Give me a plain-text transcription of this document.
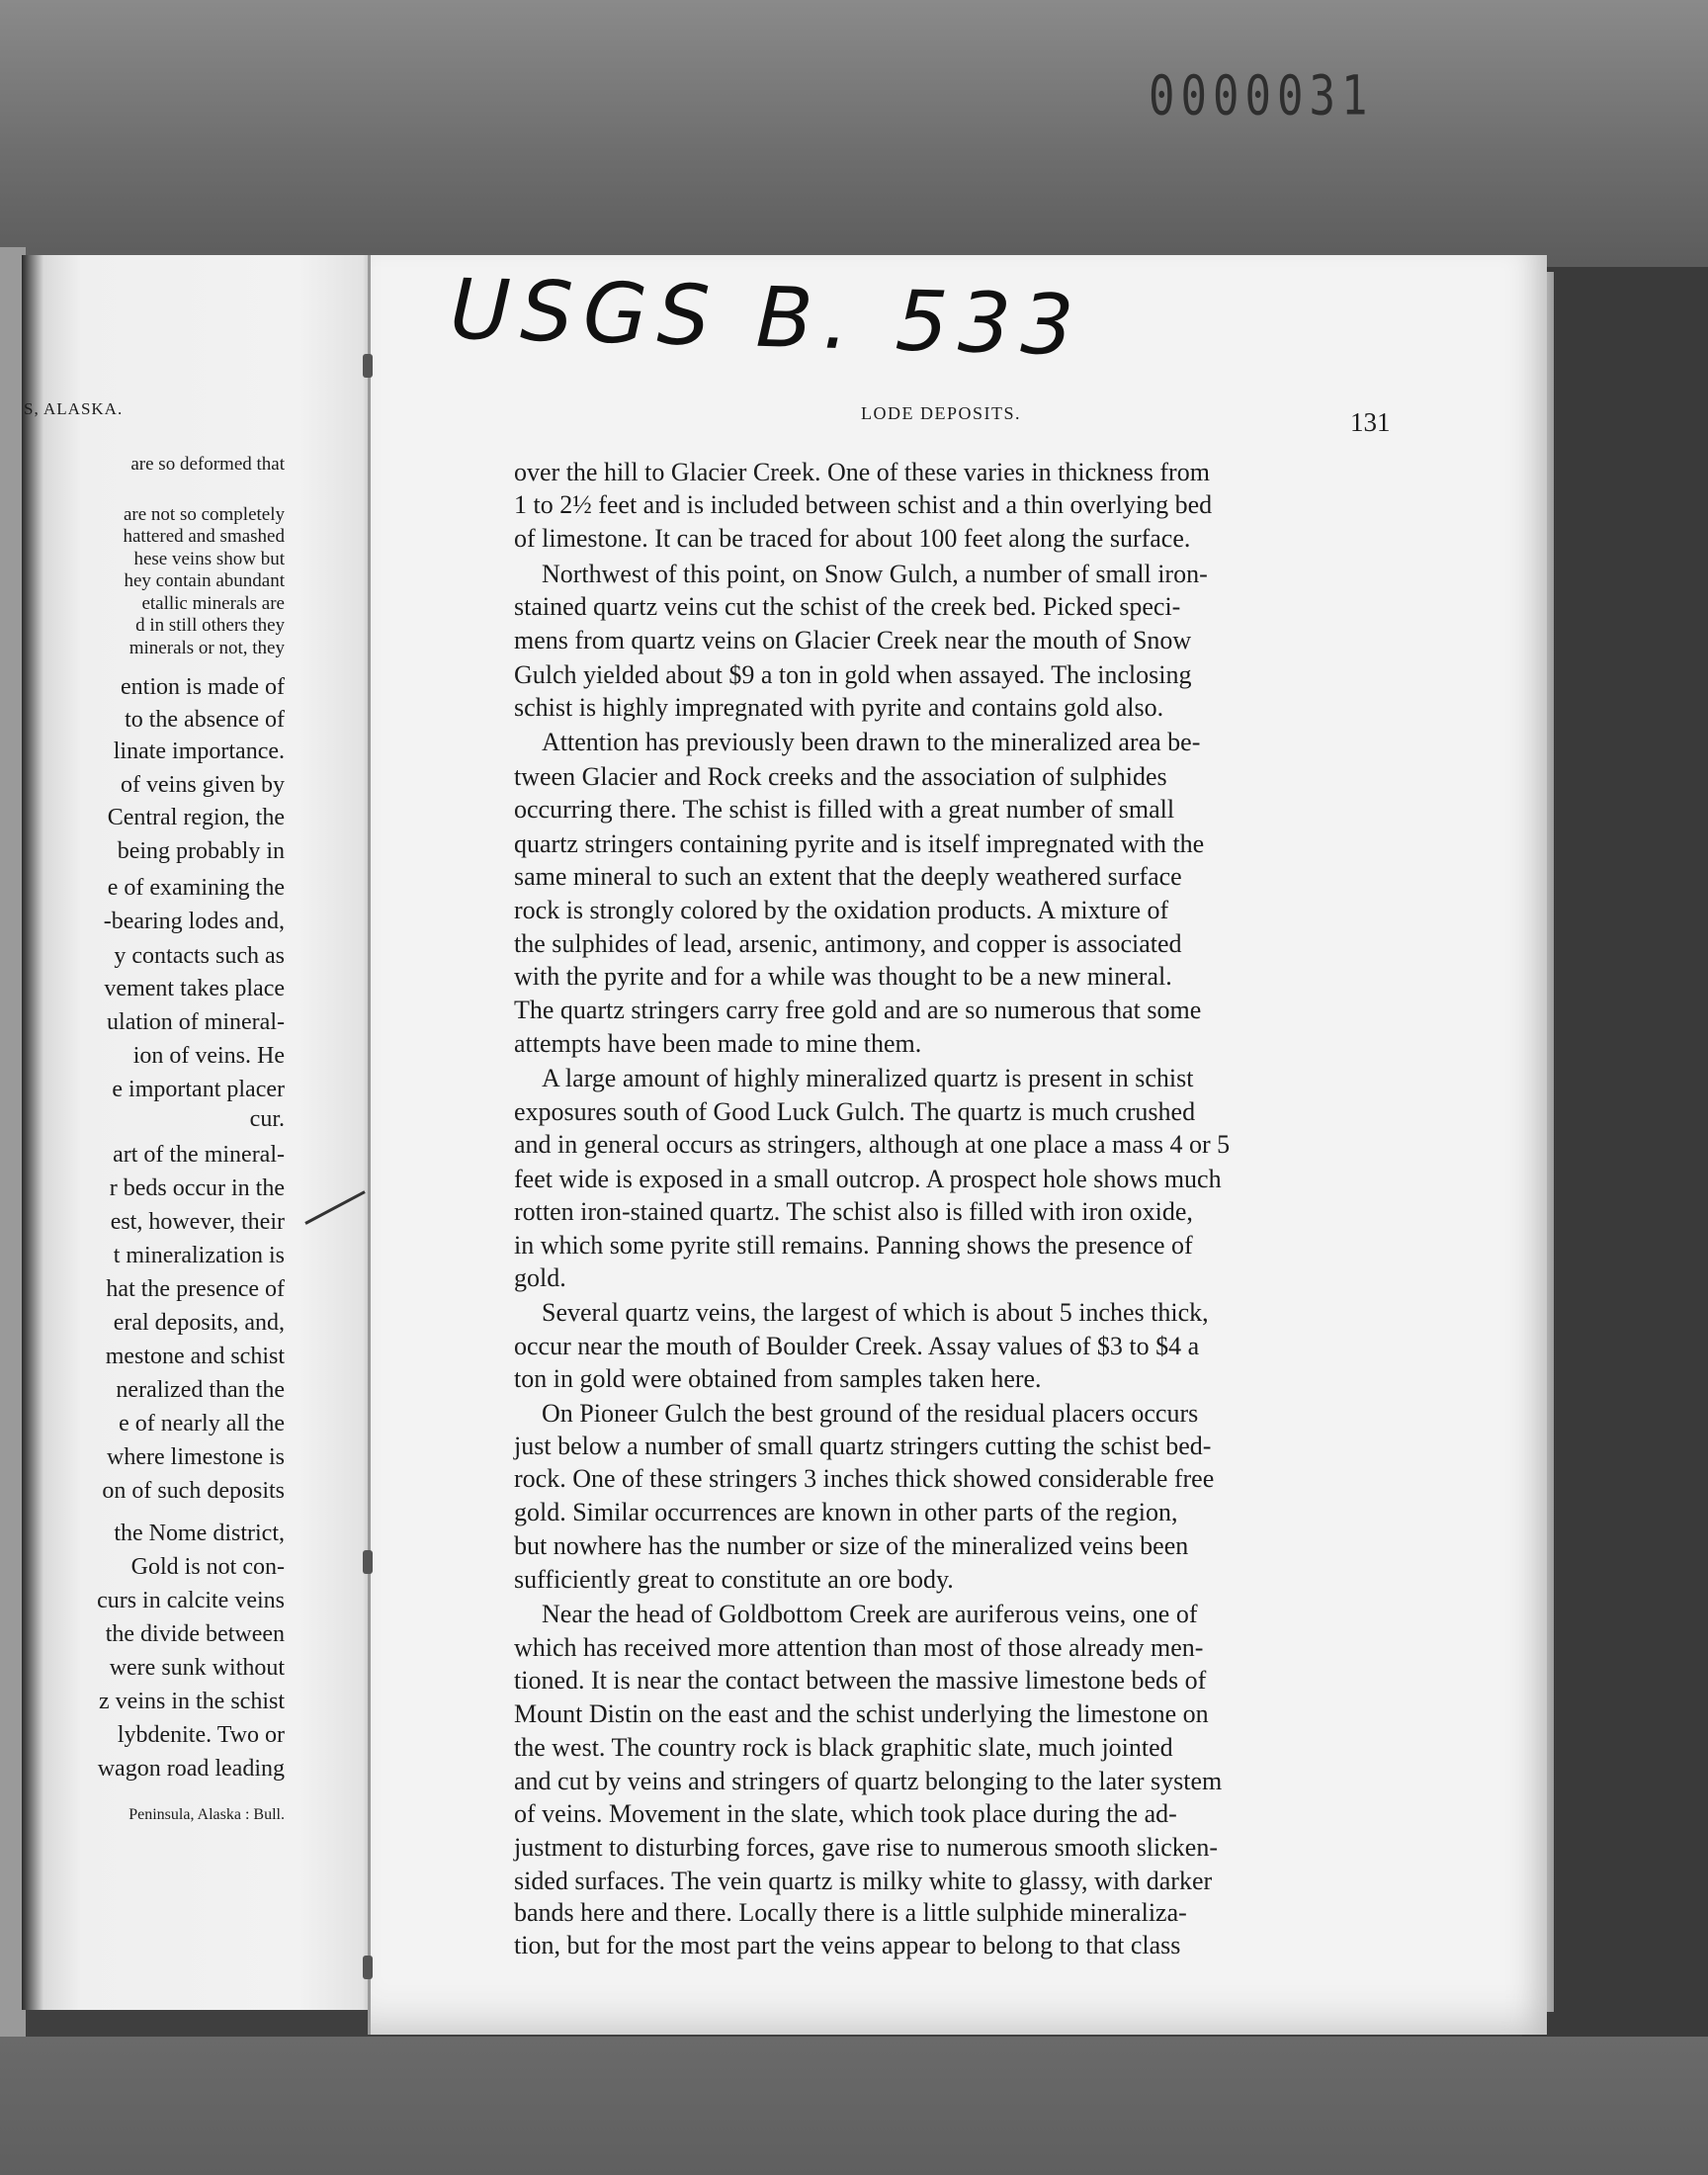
0000031
S, ALASKA.
are so deformed that
are not so completely
hattered and smashed
hese veins show but
hey contain abundant
etallic minerals are
d in still others they
minerals or not, they
ention is made of
to the absence of
linate importance.
of veins given by
Central region, the
being probably in
e of examining the
-bearing lodes and,
y contacts such as
vement takes place
ulation of mineral-
ion of veins. He
e important placer
cur.
art of the mineral-
r beds occur in the
est, however, their
t mineralization is
hat the presence of
eral deposits, and,
mestone and schist
neralized than the
e of nearly all the
where limestone is
on of such deposits
the Nome district,
Gold is not con-
curs in calcite veins
the divide between
were sunk without
z veins in the schist
lybdenite. Two or
wagon road leading
Peninsula, Alaska : Bull.
USGS B. 533
LODE DEPOSITS.	131
over the hill to Glacier Creek. One of these varies in thickness from
1 to 2½ feet and is included between schist and a thin overlying bed
of limestone. It can be traced for about 100 feet along the surface.
Northwest of this point, on Snow Gulch, a number of small iron-
stained quartz veins cut the schist of the creek bed. Picked speci-
mens from quartz veins on Glacier Creek near the mouth of Snow
Gulch yielded about $9 a ton in gold when assayed. The inclosing
schist is highly impregnated with pyrite and contains gold also.
Attention has previously been drawn to the mineralized area be-
tween Glacier and Rock creeks and the association of sulphides
occurring there. The schist is filled with a great number of small
quartz stringers containing pyrite and is itself impregnated with the
same mineral to such an extent that the deeply weathered surface
rock is strongly colored by the oxidation products. A mixture of
the sulphides of lead, arsenic, antimony, and copper is associated
with the pyrite and for a while was thought to be a new mineral.
The quartz stringers carry free gold and are so numerous that some
attempts have been made to mine them.
A large amount of highly mineralized quartz is present in schist
exposures south of Good Luck Gulch. The quartz is much crushed
and in general occurs as stringers, although at one place a mass 4 or 5
feet wide is exposed in a small outcrop. A prospect hole shows much
rotten iron-stained quartz. The schist also is filled with iron oxide,
in which some pyrite still remains. Panning shows the presence of
gold.
Several quartz veins, the largest of which is about 5 inches thick,
occur near the mouth of Boulder Creek. Assay values of $3 to $4 a
ton in gold were obtained from samples taken here.
On Pioneer Gulch the best ground of the residual placers occurs
just below a number of small quartz stringers cutting the schist bed-
rock. One of these stringers 3 inches thick showed considerable free
gold. Similar occurrences are known in other parts of the region,
but nowhere has the number or size of the mineralized veins been
sufficiently great to constitute an ore body.
Near the head of Goldbottom Creek are auriferous veins, one of
which has received more attention than most of those already men-
tioned. It is near the contact between the massive limestone beds of
Mount Distin on the east and the schist underlying the limestone on
the west. The country rock is black graphitic slate, much jointed
and cut by veins and stringers of quartz belonging to the later system
of veins. Movement in the slate, which took place during the ad-
justment to disturbing forces, gave rise to numerous smooth slicken-
sided surfaces. The vein quartz is milky white to glassy, with darker
bands here and there. Locally there is a little sulphide mineraliza-
tion, but for the most part the veins appear to belong to that class
